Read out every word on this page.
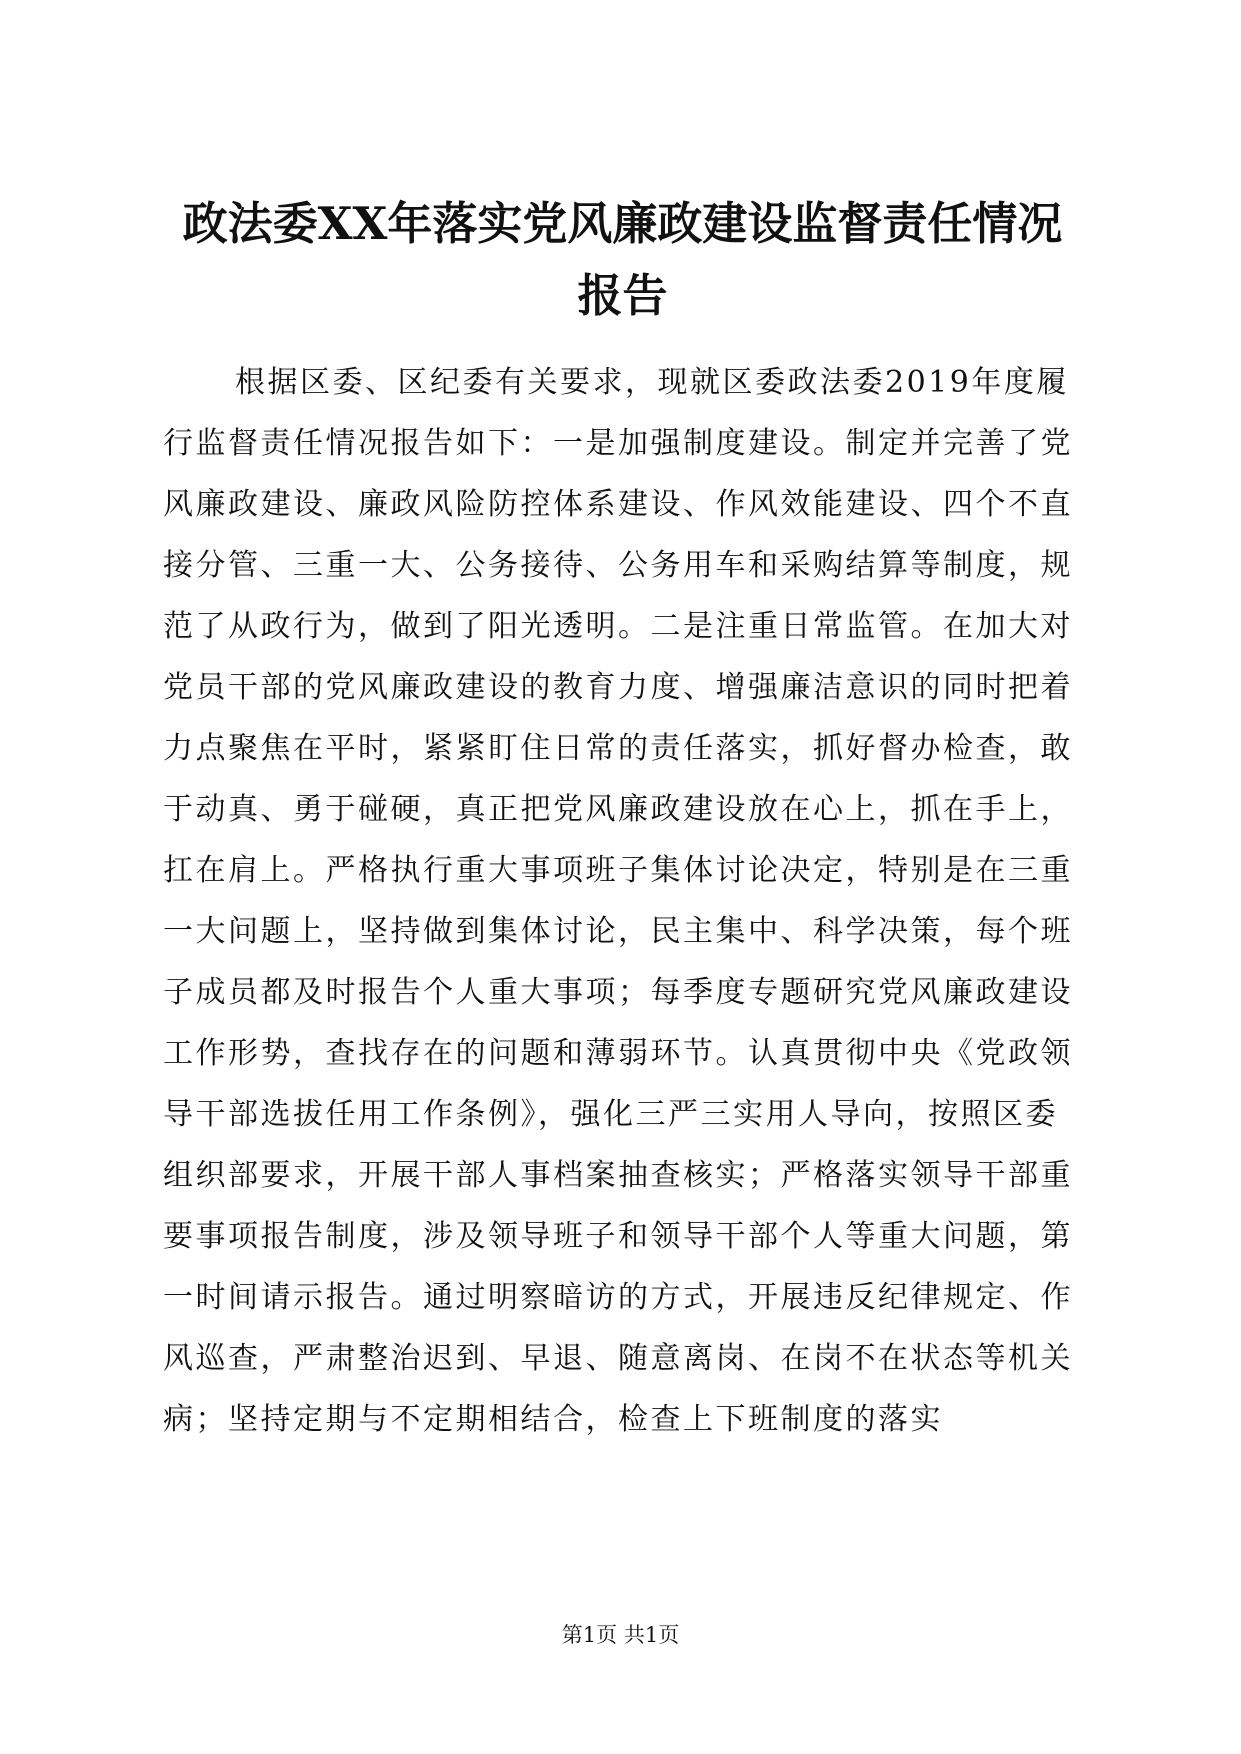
政法委XX年落实党风廉政建设监督责任情况
报告
根据区委、区纪委有关要求，现就区委政法委2019年度履
行监督责任情况报告如下：一是加强制度建设。制定并完善了党
风廉政建设、廉政风险防控体系建设、作风效能建设、四个不直
接分管、三重一大、公务接待、公务用车和采购结算等制度，规
范了从政行为，做到了阳光透明。二是注重日常监管。在加大对
党员干部的党风廉政建设的教育力度、增强廉洁意识的同时把着
力点聚焦在平时，紧紧盯住日常的责任落实，抓好督办检查，敢
于动真、勇于碰硬，真正把党风廉政建设放在心上，抓在手上，
扛在肩上。严格执行重大事项班子集体讨论决定，特别是在三重
一大问题上，坚持做到集体讨论，民主集中、科学决策，每个班
子成员都及时报告个人重大事项；每季度专题研究党风廉政建设
工作形势，查找存在的问题和薄弱环节。认真贯彻中央《党政领
导干部选拔任用工作条例》，强化三严三实用人导向，按照区委
组织部要求，开展干部人事档案抽查核实；严格落实领导干部重
要事项报告制度，涉及领导班子和领导干部个人等重大问题，第
一时间请示报告。通过明察暗访的方式，开展违反纪律规定、作
风巡查，严肃整治迟到、早退、随意离岗、在岗不在状态等机关
病；坚持定期与不定期相结合，检查上下班制度的落实
第1页 共1页
